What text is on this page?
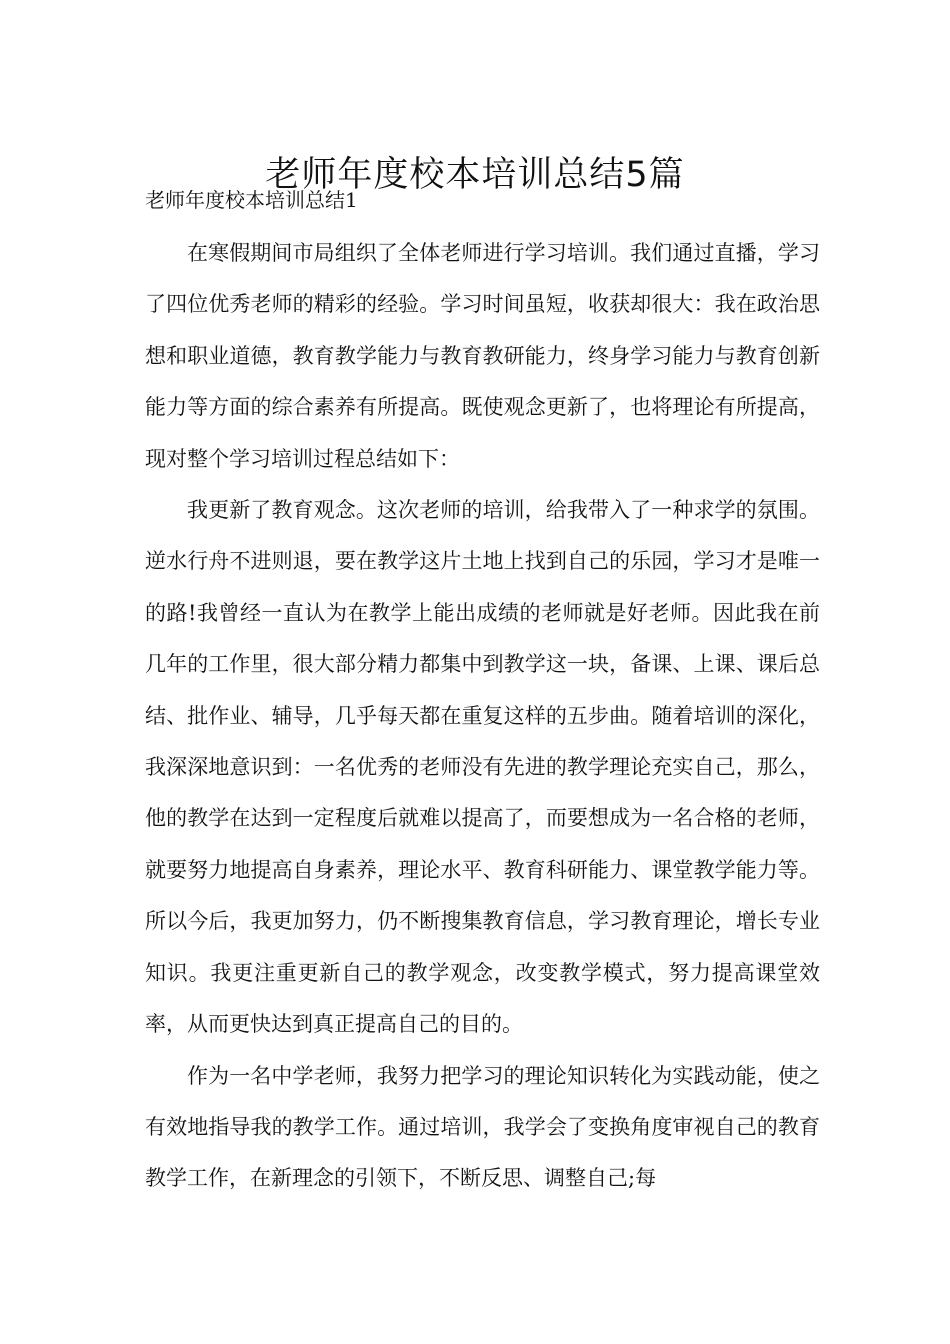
老师年度校本培训总结5篇
老师年度校本培训总结1

在寒假期间市局组织了全体老师进行学习培训。我们通过直播，学习了四位优秀老师的精彩的经验。学习时间虽短，收获却很大：我在政治思想和职业道德，教育教学能力与教育教研能力，终身学习能力与教育创新能力等方面的综合素养有所提高。既使观念更新了，也将理论有所提高，现对整个学习培训过程总结如下：

我更新了教育观念。这次老师的培训，给我带入了一种求学的氛围。逆水行舟不进则退，要在教学这片土地上找到自己的乐园，学习才是唯一的路!我曾经一直认为在教学上能出成绩的老师就是好老师。因此我在前几年的工作里，很大部分精力都集中到教学这一块，备课、上课、课后总结、批作业、辅导，几乎每天都在重复这样的五步曲。随着培训的深化，我深深地意识到：一名优秀的老师没有先进的教学理论充实自己，那么，他的教学在达到一定程度后就难以提高了，而要想成为一名合格的老师，就要努力地提高自身素养，理论水平、教育科研能力、课堂教学能力等。所以今后，我更加努力，仍不断搜集教育信息，学习教育理论，增长专业知识。我更注重更新自己的教学观念，改变教学模式，努力提高课堂效率，从而更快达到真正提高自己的目的。

作为一名中学老师，我努力把学习的理论知识转化为实践动能，使之有效地指导我的教学工作。通过培训，我学会了变换角度审视自己的教育教学工作，在新理念的引领下，不断反思、调整自己;每
